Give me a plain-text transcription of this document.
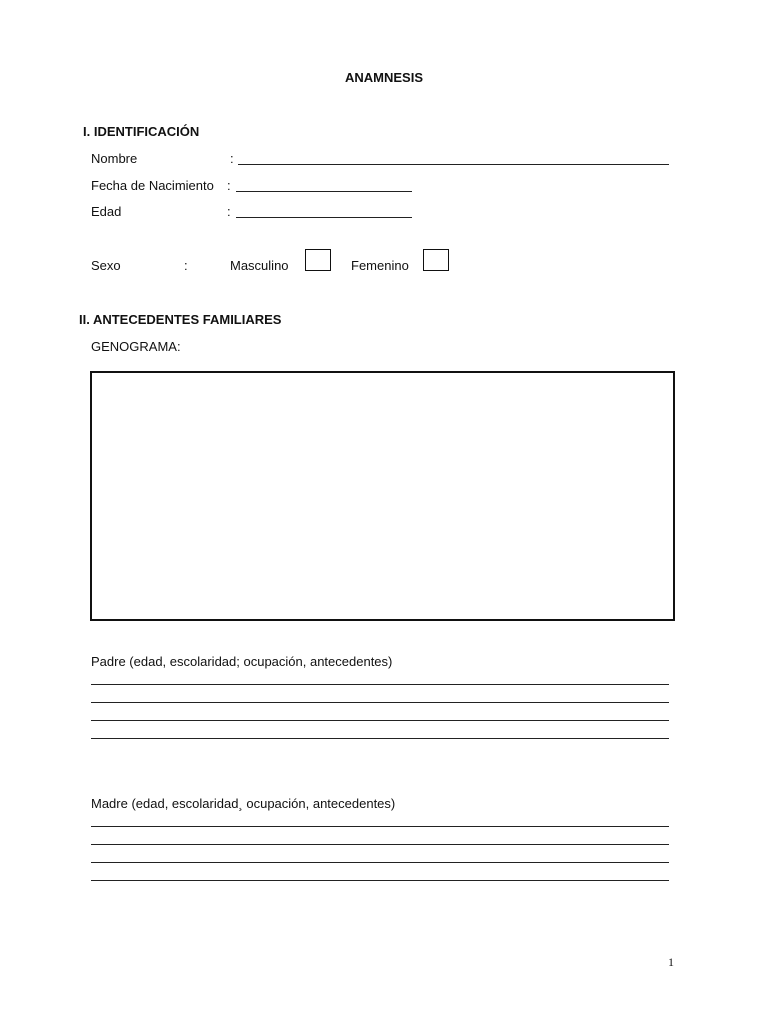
ANAMNESIS
I. IDENTIFICACIÓN
Nombre	:
Fecha de Nacimiento :
Edad	:
Sexo	:	Masculino	Femenino
II. ANTECEDENTES FAMILIARES
GENOGRAMA:
Padre (edad, escolaridad; ocupación, antecedentes)
Madre (edad, escolaridad¸ ocupación, antecedentes)
1
